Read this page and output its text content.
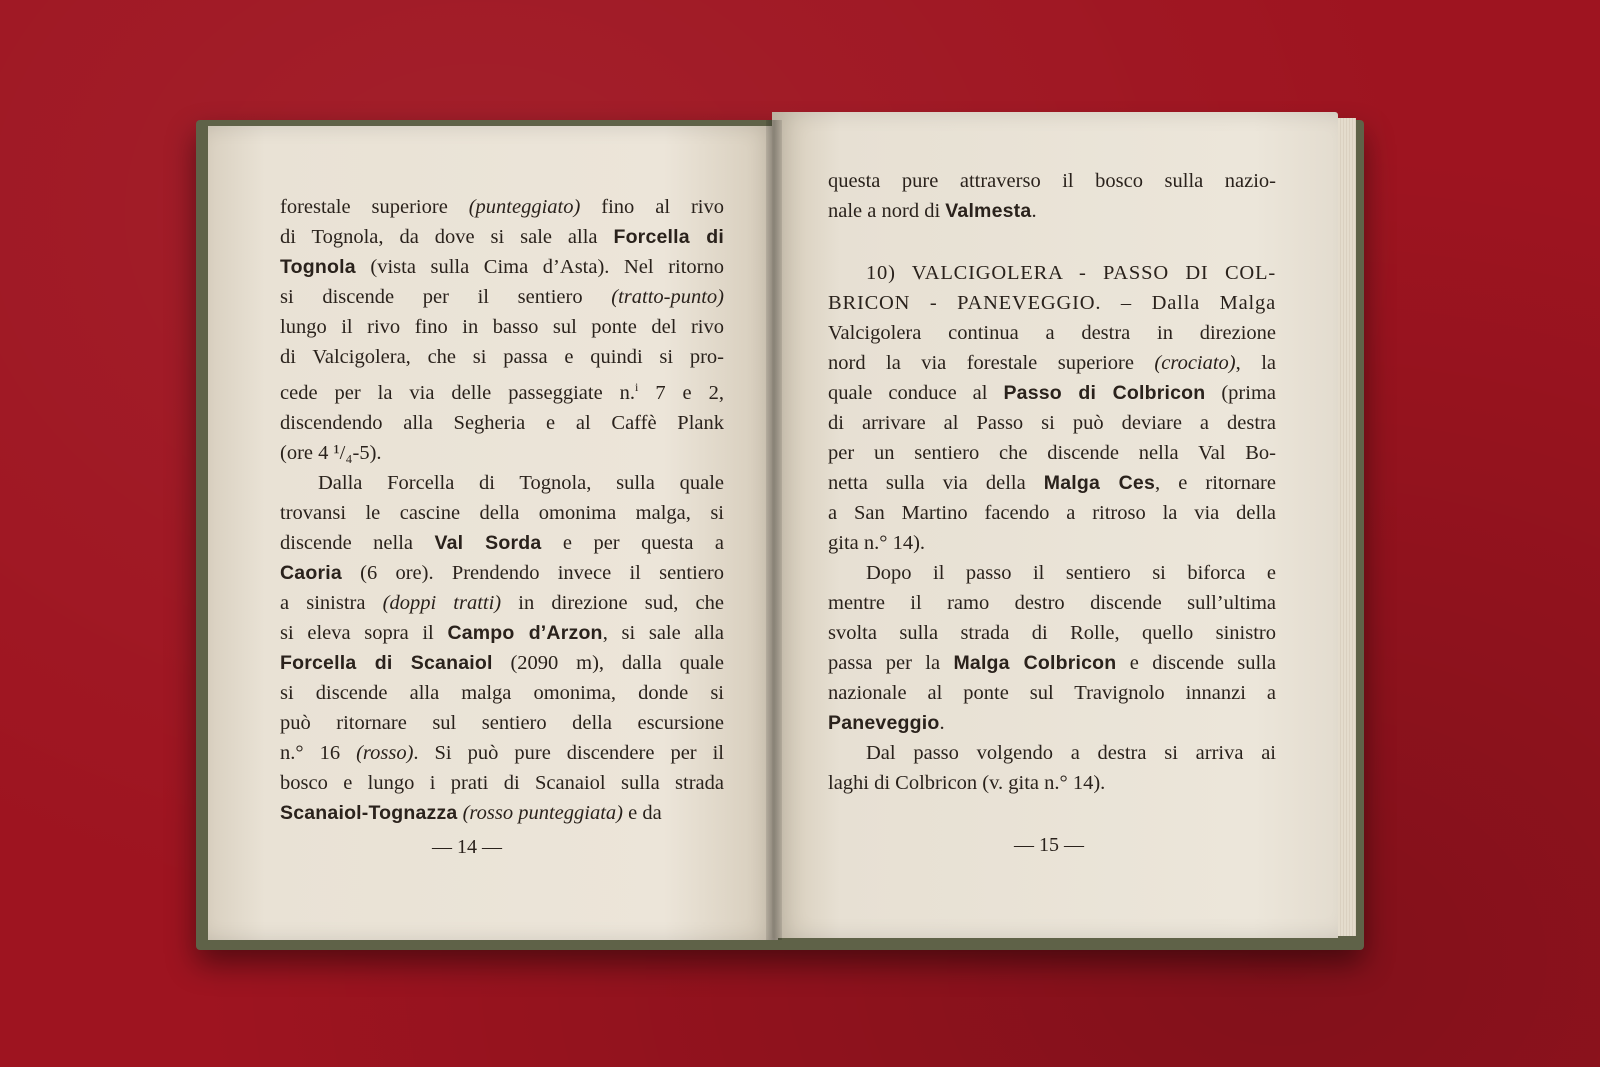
forestale superiore (punteggiato) fino al rivo
di Tognola, da dove si sale alla Forcella di
Tognola (vista sulla Cima d’Asta). Nel ritorno
si discende per il sentiero (tratto-punto)
lungo il rivo fino in basso sul ponte del rivo
di Valcigolera, che si passa e quindi si pro-
cede per la via delle passeggiate n.$^i$ 7 e 2,
discendendo alla Segheria e al Caffè Plank
(ore 4 ¹/₄-5).
Dalla Forcella di Tognola, sulla quale
trovansi le cascine della omonima malga, si
discende nella Val Sorda e per questa a
Caoria (6 ore). Prendendo invece il sentiero
a sinistra (doppi tratti) in direzione sud, che
si eleva sopra il Campo d’Arzon, si sale alla
Forcella di Scanaiol (2090 m), dalla quale
si discende alla malga omonima, donde si
può ritornare sul sentiero della escursione
n.° 16 (rosso). Si può pure discendere per il
bosco e lungo i prati di Scanaiol sulla strada
Scanaiol-Tognazza (rosso punteggiata) e da
— 14 —
questa pure attraverso il bosco sulla nazio-
nale a nord di Valmesta.
10) VALCIGOLERA - PASSO DI COL-
BRICON - PANEVEGGIO. – Dalla Malga
Valcigolera continua a destra in direzione
nord la via forestale superiore (crociato), la
quale conduce al Passo di Colbricon (prima
di arrivare al Passo si può deviare a destra
per un sentiero che discende nella Val Bo-
netta sulla via della Malga Ces, e ritornare
a San Martino facendo a ritroso la via della
gita n.° 14).
Dopo il passo il sentiero si biforca e
mentre il ramo destro discende sull’ultima
svolta sulla strada di Rolle, quello sinistro
passa per la Malga Colbricon e discende sulla
nazionale al ponte sul Travignolo innanzi a
Paneveggio.
Dal passo volgendo a destra si arriva ai
laghi di Colbricon (v. gita n.° 14).
— 15 —
